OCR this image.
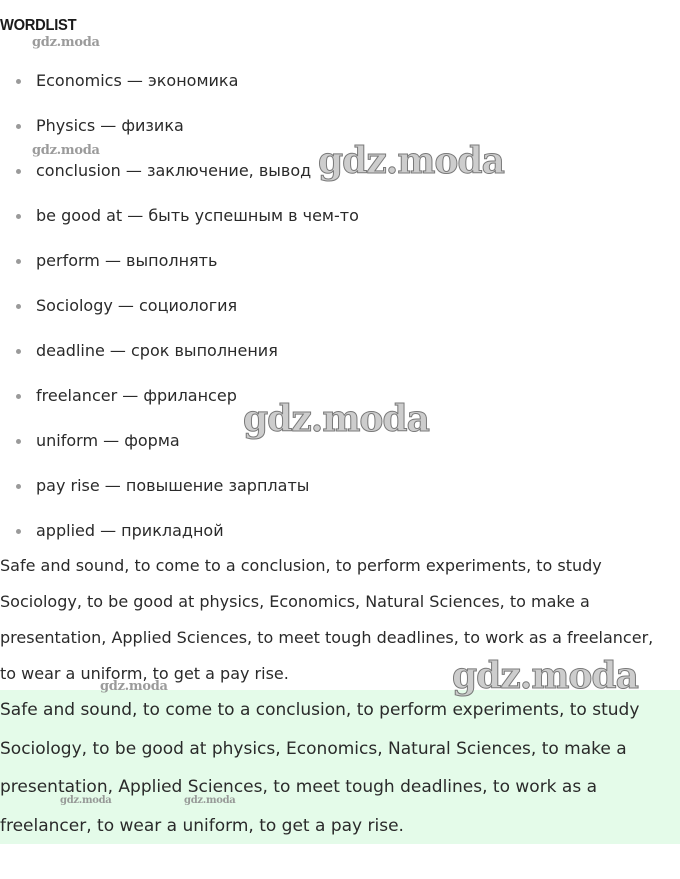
WORDLIST
Economics — экономика
Physics — физика
conclusion — заключение, вывод
be good at — быть успешным в чем-то
perform — выполнять
Sociology — социология
deadline — срок выполнения
freelancer — фрилансер
uniform — форма
pay rise — повышение зарплаты
applied — прикладной
Safe and sound, to come to a conclusion, to perform experiments, to study Sociology, to be good at physics, Economics, Natural Sciences, to make a presentation, Applied Sciences, to meet tough deadlines, to work as a freelancer, to wear a uniform, to get a pay rise.
Safe and sound, to come to a conclusion, to perform experiments, to study Sociology, to be good at physics, Economics, Natural Sciences, to make a presentation, Applied Sciences, to meet tough deadlines, to work as a freelancer, to wear a uniform, to get a pay rise.
gdz.moda
gdz.moda	gdz.moda
gdz.moda
gdz.moda
gdz.moda
gdz.moda	gdz.moda
